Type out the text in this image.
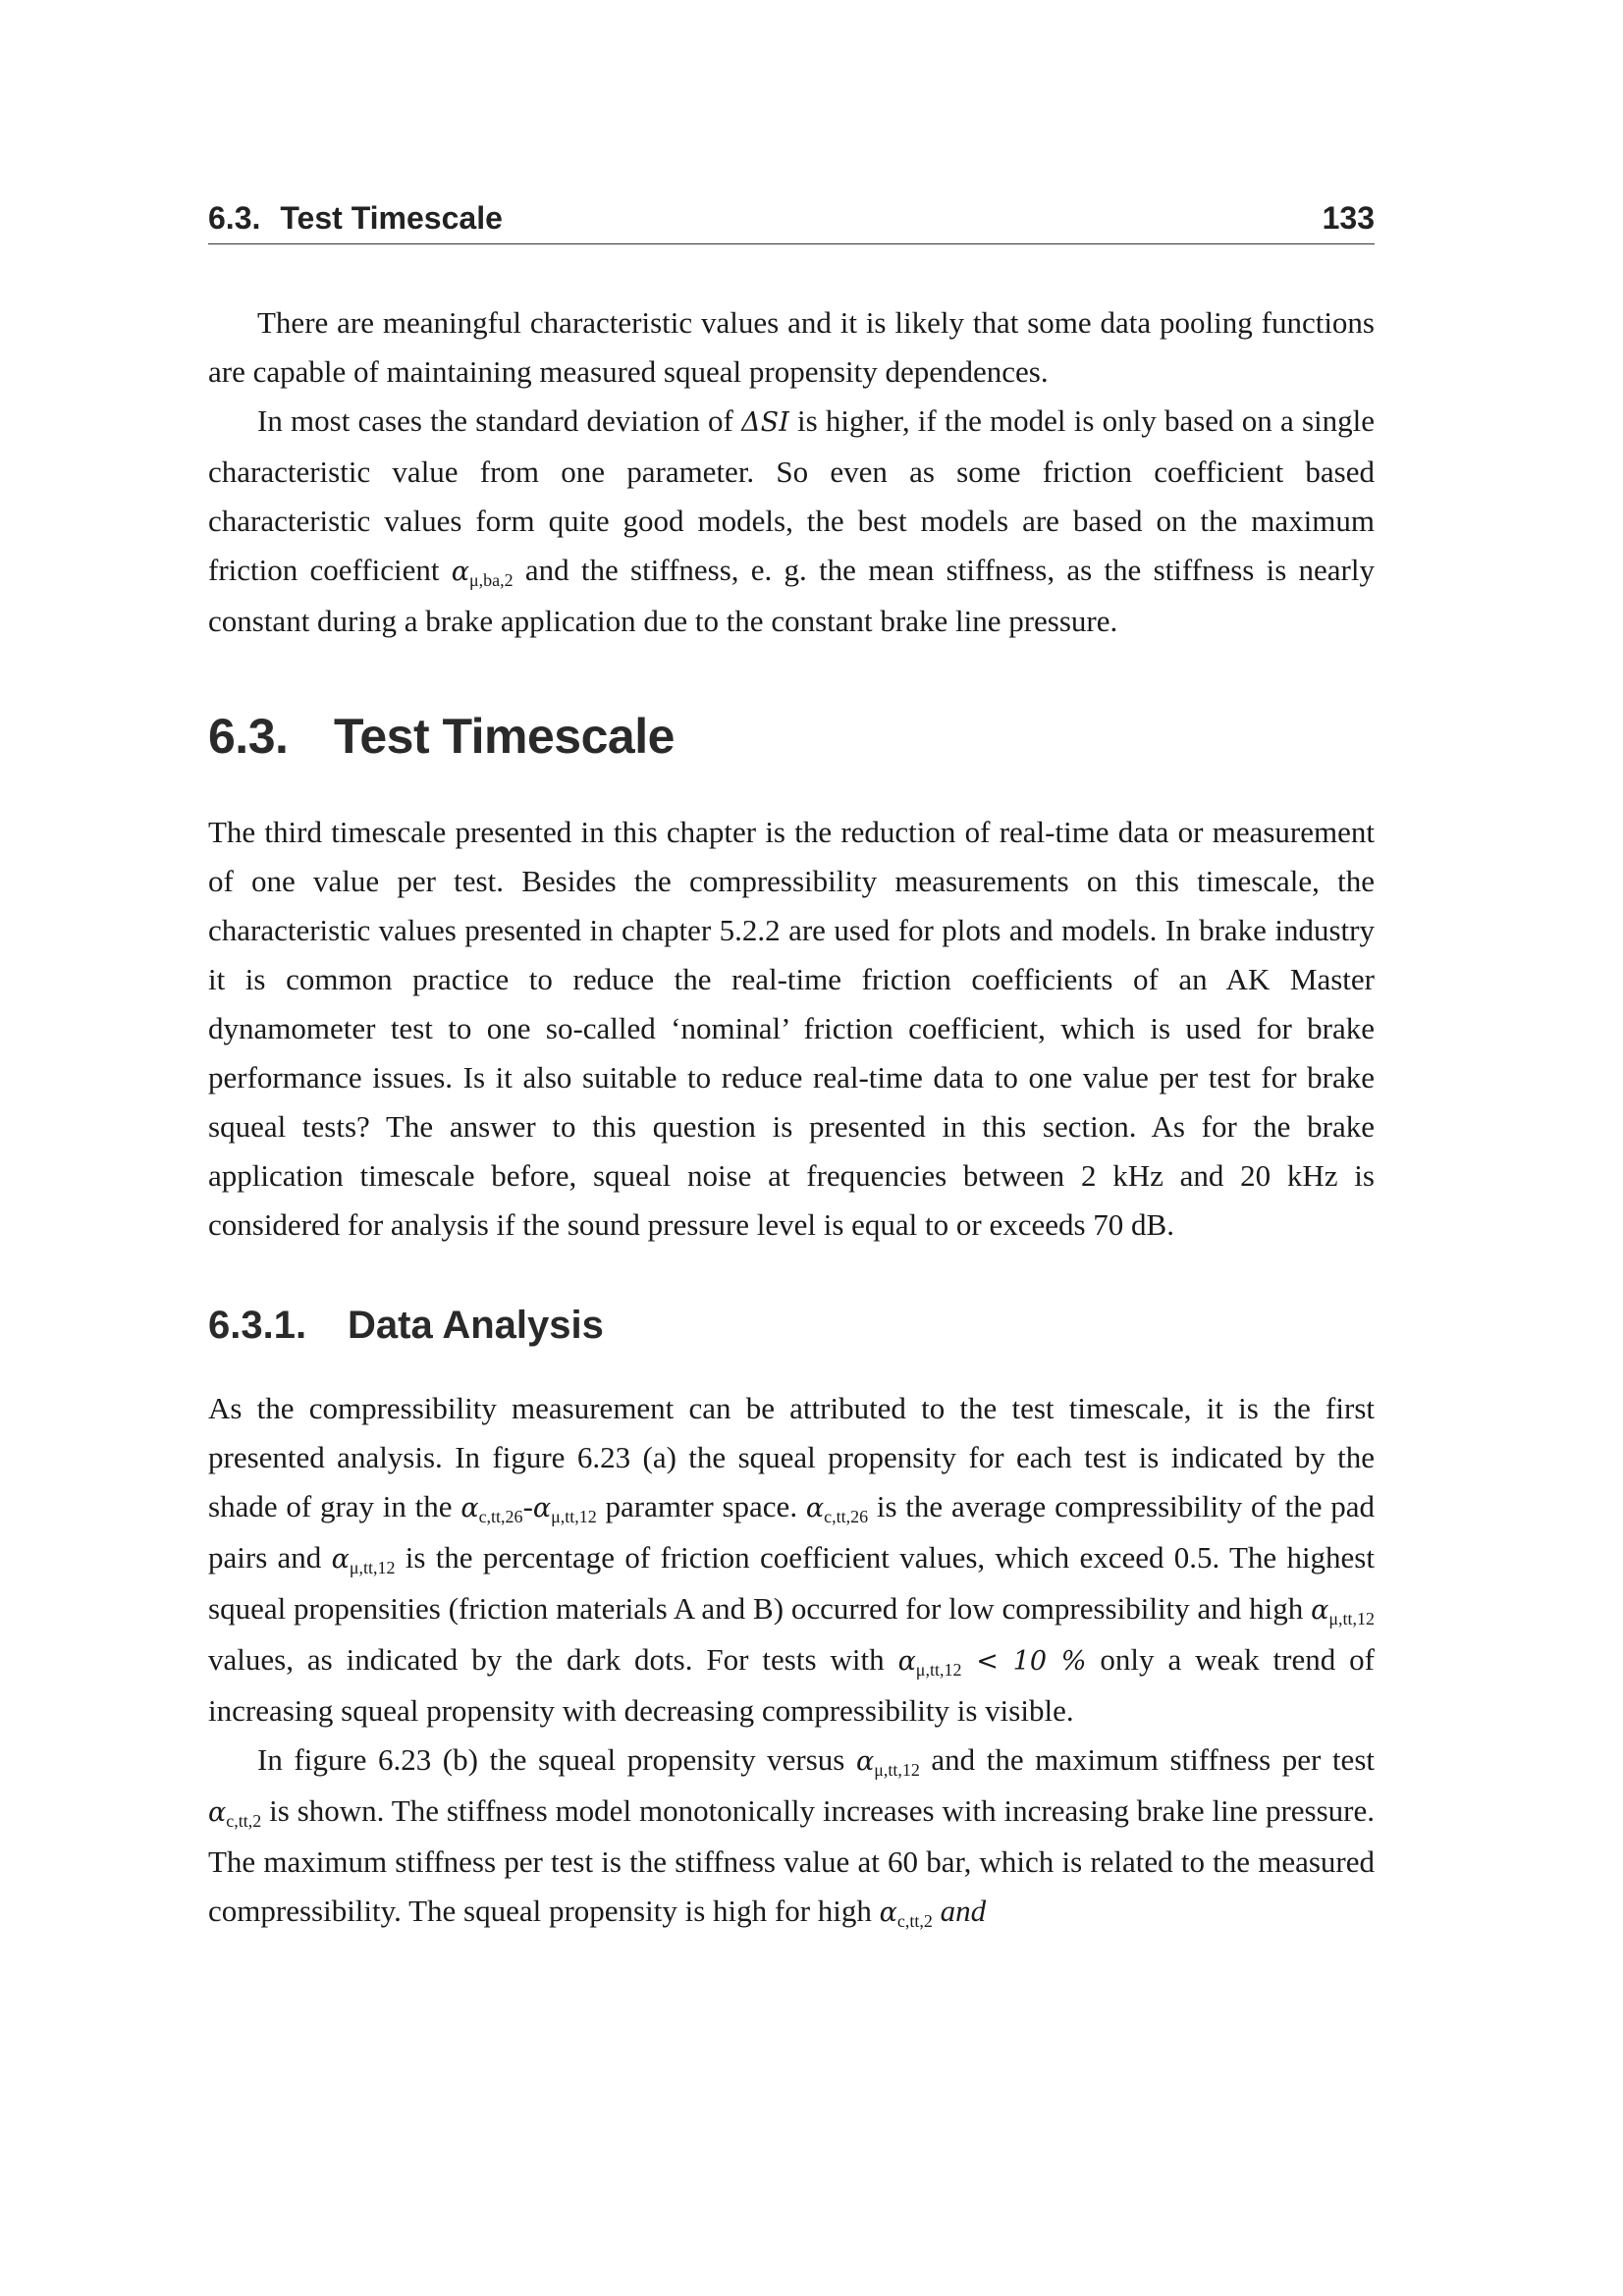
6.3. Test Timescale	133

There are meaningful characteristic values and it is likely that some data pooling functions are capable of maintaining measured squeal propensity dependences.

In most cases the standard deviation of ΔSI is higher, if the model is only based on a single characteristic value from one parameter. So even as some friction coefficient based characteristic values form quite good models, the best models are based on the maximum friction coefficient $\alpha_{\mu,ba,2}$ and the stiffness, e. g. the mean stiffness, as the stiffness is nearly constant during a brake application due to the constant brake line pressure.

6.3. Test Timescale

The third timescale presented in this chapter is the reduction of real-time data or measurement of one value per test. Besides the compressibility measurements on this timescale, the characteristic values presented in chapter 5.2.2 are used for plots and models. In brake industry it is common practice to reduce the real-time friction coefficients of an AK Master dynamometer test to one so-called ‘nominal’ friction coefficient, which is used for brake performance issues. Is it also suitable to reduce real-time data to one value per test for brake squeal tests? The answer to this question is presented in this section. As for the brake application timescale before, squeal noise at frequencies between 2 kHz and 20 kHz is considered for analysis if the sound pressure level is equal to or exceeds 70 dB.

6.3.1. Data Analysis

As the compressibility measurement can be attributed to the test timescale, it is the first presented analysis. In figure 6.23 (a) the squeal propensity for each test is indicated by the shade of gray in the $\alpha_{c,tt,26}-\alpha_{\mu,tt,12}$ paramter space. $\alpha_{c,tt,26}$ is the average compressibility of the pad pairs and $\alpha_{\mu,tt,12}$ is the percentage of friction coefficient values, which exceed 0.5. The highest squeal propensities (friction materials A and B) occurred for low compressibility and high $\alpha_{\mu,tt,12}$ values, as indicated by the dark dots. For tests with $\alpha_{\mu,tt,12} < 10$ % only a weak trend of increasing squeal propensity with decreasing compressibility is visible.

In figure 6.23 (b) the squeal propensity versus $\alpha_{\mu,tt,12}$ and the maximum stiffness per test $\alpha_{c,tt,2}$ is shown. The stiffness model monotonically increases with increasing brake line pressure. The maximum stiffness per test is the stiffness value at 60 bar, which is related to the measured compressibility. The squeal propensity is high for high $\alpha_{c,tt,2}$ and
